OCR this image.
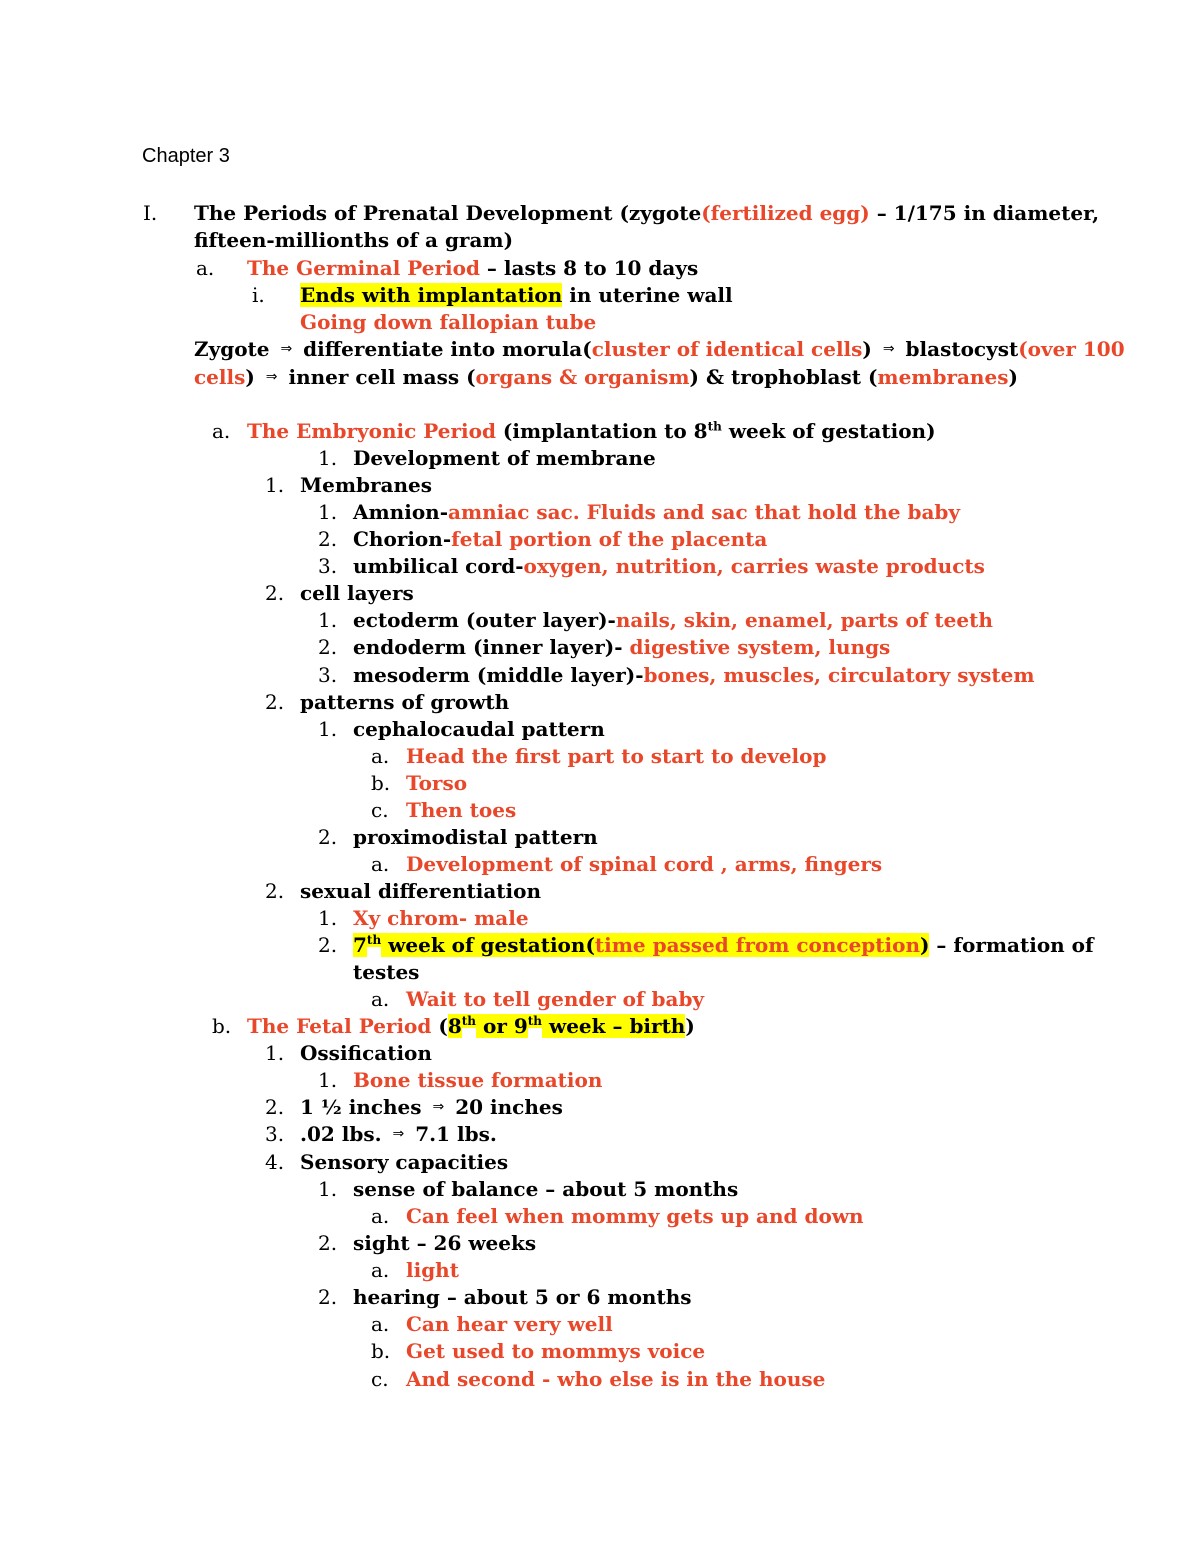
Chapter 3
I. The Periods of Prenatal Development (zygote(fertilized egg) – 1/175 in diameter,
fifteen-millionths of a gram)
a. The Germinal Period – lasts 8 to 10 days
i. Ends with implantation in uterine wall
Going down fallopian tube
Zygote ⇒ differentiate into morula(cluster of identical cells) ⇒ blastocyst(over 100
cells) ⇒ inner cell mass (organs & organism) & trophoblast (membranes)
a. The Embryonic Period (implantation to 8th week of gestation)
1. Development of membrane
1. Membranes
1. Amnion-amniac sac. Fluids and sac that hold the baby
2. Chorion-fetal portion of the placenta
3. umbilical cord-oxygen, nutrition, carries waste products
2. cell layers
1. ectoderm (outer layer)-nails, skin, enamel, parts of teeth
2. endoderm (inner layer)- digestive system, lungs
3. mesoderm (middle layer)-bones, muscles, circulatory system
2. patterns of growth
1. cephalocaudal pattern
a. Head the first part to start to develop
b. Torso
c. Then toes
2. proximodistal pattern
a. Development of spinal cord , arms, fingers
2. sexual differentiation
1. Xy chrom- male
2. 7th week of gestation(time passed from conception) – formation of
testes
a. Wait to tell gender of baby
b. The Fetal Period (8th or 9th week – birth)
1. Ossification
1. Bone tissue formation
2. 1 ½ inches ⇒ 20 inches
3. .02 lbs. ⇒ 7.1 lbs.
4. Sensory capacities
1. sense of balance – about 5 months
a. Can feel when mommy gets up and down
2. sight – 26 weeks
a. light
2. hearing – about 5 or 6 months
a. Can hear very well
b. Get used to mommys voice
c. And second - who else is in the house
